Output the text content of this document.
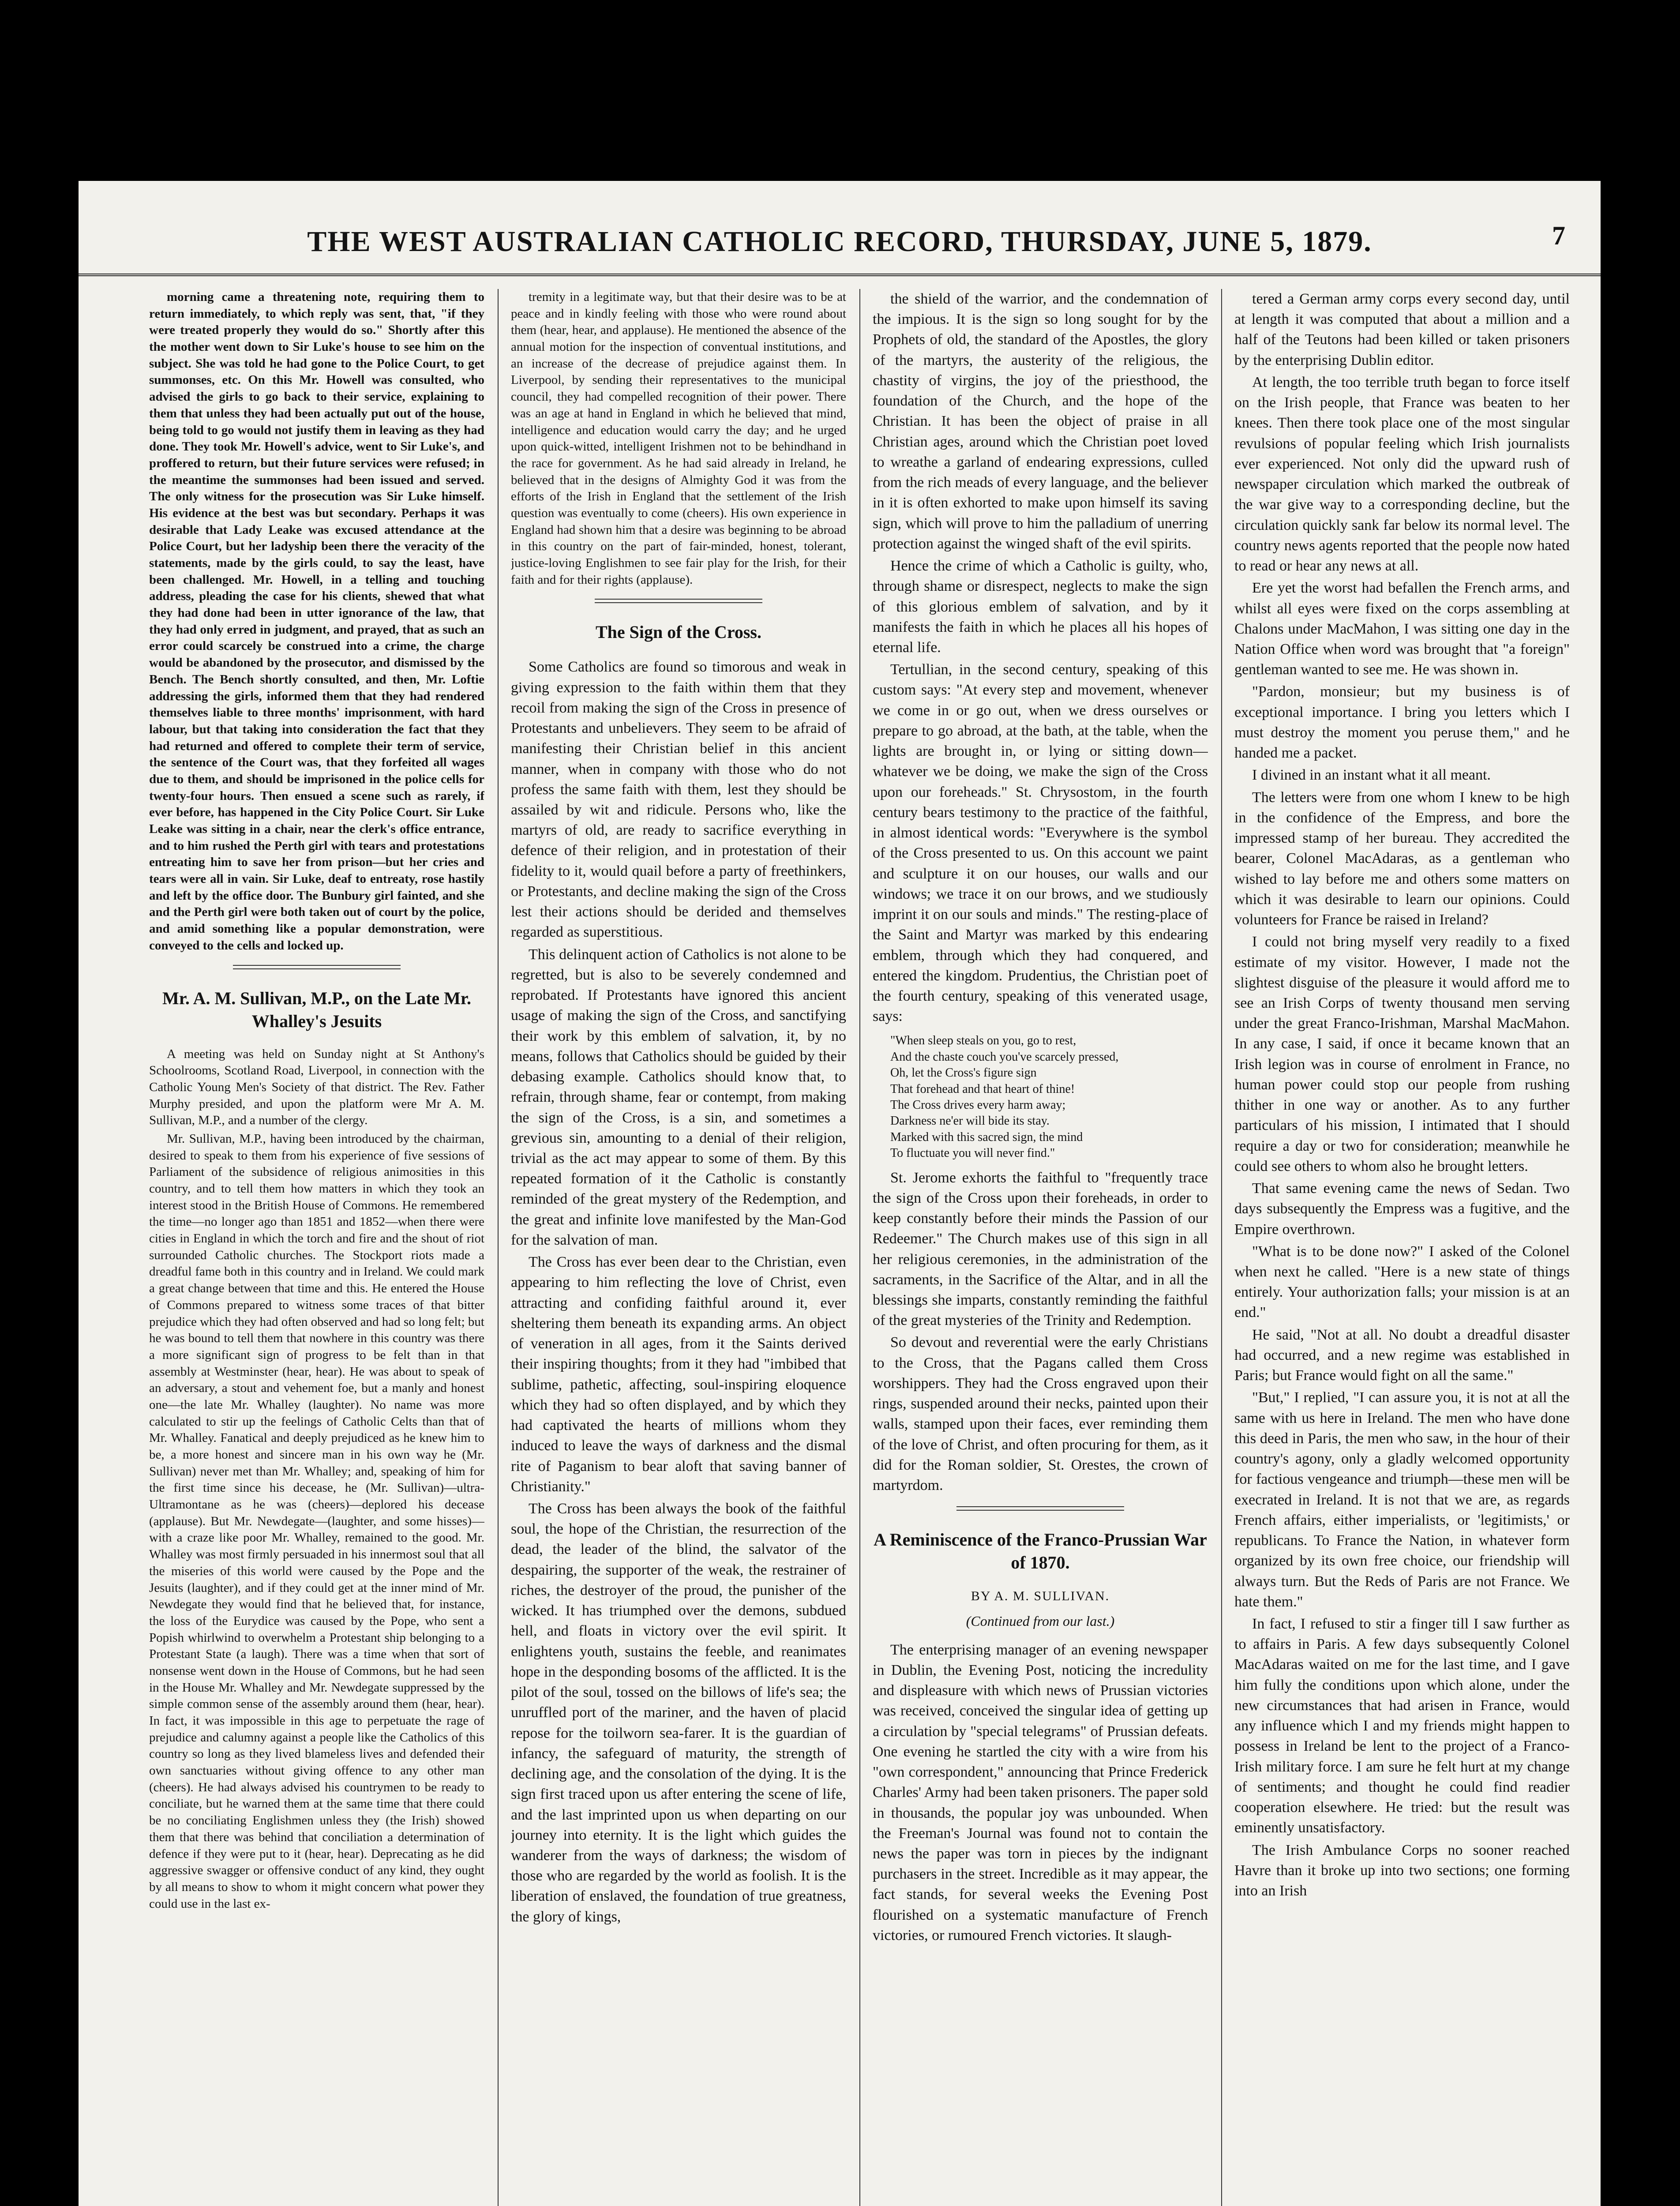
THE WEST AUSTRALIAN CATHOLIC RECORD, THURSDAY, JUNE 5, 1879.	7

morning came a threatening note, requiring them to return immediately, to which reply was sent, that, "if they were treated properly they would do so." Shortly after this the mother went down to Sir Luke's house to see him on the subject. She was told he had gone to the Police Court, to get summonses, etc. On this Mr. Howell was consulted, who advised the girls to go back to their service, explaining to them that unless they had been actually put out of the house, being told to go would not justify them in leaving as they had done. They took Mr. Howell's advice, went to Sir Luke's, and proffered to return, but their future services were refused; in the meantime the summonses had been issued and served. The only witness for the prosecution was Sir Luke himself. His evidence at the best was but secondary. Perhaps it was desirable that Lady Leake was excused attendance at the Police Court, but her ladyship been there the veracity of the statements, made by the girls could, to say the least, have been challenged. Mr. Howell, in a telling and touching address, pleading the case for his clients, shewed that what they had done had been in utter ignorance of the law, that they had only erred in judgment, and prayed, that as such an error could scarcely be construed into a crime, the charge would be abandoned by the prosecutor, and dismissed by the Bench. The Bench shortly consulted, and then, Mr. Loftie addressing the girls, informed them that they had rendered themselves liable to three months' imprisonment, with hard labour, but that taking into consideration the fact that they had returned and offered to complete their term of service, the sentence of the Court was, that they forfeited all wages due to them, and should be imprisoned in the police cells for twenty-four hours. Then ensued a scene such as rarely, if ever before, has happened in the City Police Court. Sir Luke Leake was sitting in a chair, near the clerk's office entrance, and to him rushed the Perth girl with tears and protestations entreating him to save her from prison—but her cries and tears were all in vain. Sir Luke, deaf to entreaty, rose hastily and left by the office door. The Bunbury girl fainted, and she and the Perth girl were both taken out of court by the police, and amid something like a popular demonstration, were conveyed to the cells and locked up.

Mr. A. M. Sullivan, M.P., on the Late Mr. Whalley's Jesuits

A meeting was held on Sunday night at St Anthony's Schoolrooms, Scotland Road, Liverpool, in connection with the Catholic Young Men's Society of that district. The Rev. Father Murphy presided, and upon the platform were Mr A. M. Sullivan, M.P., and a number of the clergy.

Mr. Sullivan, M.P., having been introduced by the chairman, desired to speak to them from his experience of five sessions of Parliament of the subsidence of religious animosities in this country, and to tell them how matters in which they took an interest stood in the British House of Commons. He remembered the time—no longer ago than 1851 and 1852—when there were cities in England in which the torch and fire and the shout of riot surrounded Catholic churches. The Stockport riots made a dreadful fame both in this country and in Ireland. We could mark a great change between that time and this. He entered the House of Commons prepared to witness some traces of that bitter prejudice which they had often observed and had so long felt; but he was bound to tell them that nowhere in this country was there a more significant sign of progress to be felt than in that assembly at Westminster (hear, hear). He was about to speak of an adversary, a stout and vehement foe, but a manly and honest one—the late Mr. Whalley (laughter). No name was more calculated to stir up the feelings of Catholic Celts than that of Mr. Whalley. Fanatical and deeply prejudiced as he knew him to be, a more honest and sincere man in his own way he (Mr. Sullivan) never met than Mr. Whalley; and, speaking of him for the first time since his decease, he (Mr. Sullivan)—ultra-Ultramontane as he was (cheers)—deplored his decease (applause). But Mr. Newdegate—(laughter, and some hisses)—with a craze like poor Mr. Whalley, remained to the good. Mr. Whalley was most firmly persuaded in his innermost soul that all the miseries of this world were caused by the Pope and the Jesuits (laughter), and if they could get at the inner mind of Mr. Newdegate they would find that he believed that, for instance, the loss of the Eurydice was caused by the Pope, who sent a Popish whirlwind to overwhelm a Protestant ship belonging to a Protestant State (a laugh). There was a time when that sort of nonsense went down in the House of Commons, but he had seen in the House Mr. Whalley and Mr. Newdegate suppressed by the simple common sense of the assembly around them (hear, hear). In fact, it was impossible in this age to perpetuate the rage of prejudice and calumny against a people like the Catholics of this country so long as they lived blameless lives and defended their own sanctuaries without giving offence to any other man (cheers). He had always advised his countrymen to be ready to conciliate, but he warned them at the same time that there could be no conciliating Englishmen unless they (the Irish) showed them that there was behind that conciliation a determination of defence if they were put to it (hear, hear). Deprecating as he did aggressive swagger or offensive conduct of any kind, they ought by all means to show to whom it might concern what power they could use in the last ex-

tremity in a legitimate way, but that their desire was to be at peace and in kindly feeling with those who were round about them (hear, hear, and applause). He mentioned the absence of the annual motion for the inspection of conventual institutions, and an increase of the decrease of prejudice against them. In Liverpool, by sending their representatives to the municipal council, they had compelled recognition of their power. There was an age at hand in England in which he believed that mind, intelligence and education would carry the day; and he urged upon quick-witted, intelligent Irishmen not to be behindhand in the race for government. As he had said already in Ireland, he believed that in the designs of Almighty God it was from the efforts of the Irish in England that the settlement of the Irish question was eventually to come (cheers). His own experience in England had shown him that a desire was beginning to be abroad in this country on the part of fair-minded, honest, tolerant, justice-loving Englishmen to see fair play for the Irish, for their faith and for their rights (applause).

The Sign of the Cross.

Some Catholics are found so timorous and weak in giving expression to the faith within them that they recoil from making the sign of the Cross in presence of Protestants and unbelievers. They seem to be afraid of manifesting their Christian belief in this ancient manner, when in company with those who do not profess the same faith with them, lest they should be assailed by wit and ridicule. Persons who, like the martyrs of old, are ready to sacrifice everything in defence of their religion, and in protestation of their fidelity to it, would quail before a party of freethinkers, or Protestants, and decline making the sign of the Cross lest their actions should be derided and themselves regarded as superstitious.

This delinquent action of Catholics is not alone to be regretted, but is also to be severely condemned and reprobated. If Protestants have ignored this ancient usage of making the sign of the Cross, and sanctifying their work by this emblem of salvation, it, by no means, follows that Catholics should be guided by their debasing example. Catholics should know that, to refrain, through shame, fear or contempt, from making the sign of the Cross, is a sin, and sometimes a grevious sin, amounting to a denial of their religion, trivial as the act may appear to some of them. By this repeated formation of it the Catholic is constantly reminded of the great mystery of the Redemption, and the great and infinite love manifested by the Man-God for the salvation of man.

The Cross has ever been dear to the Christian, even appearing to him reflecting the love of Christ, even attracting and confiding faithful around it, ever sheltering them beneath its expanding arms. An object of veneration in all ages, from it the Saints derived their inspiring thoughts; from it they had "imbibed that sublime, pathetic, affecting, soul-inspiring eloquence which they had so often displayed, and by which they had captivated the hearts of millions whom they induced to leave the ways of darkness and the dismal rite of Paganism to bear aloft that saving banner of Christianity."

The Cross has been always the book of the faithful soul, the hope of the Christian, the resurrection of the dead, the leader of the blind, the salvator of the despairing, the supporter of the weak, the restrainer of riches, the destroyer of the proud, the punisher of the wicked. It has triumphed over the demons, subdued hell, and floats in victory over the evil spirit. It enlightens youth, sustains the feeble, and reanimates hope in the desponding bosoms of the afflicted. It is the pilot of the soul, tossed on the billows of life's sea; the unruffled port of the mariner, and the haven of placid repose for the toilworn sea-farer. It is the guardian of infancy, the safeguard of maturity, the strength of declining age, and the consolation of the dying. It is the sign first traced upon us after entering the scene of life, and the last imprinted upon us when departing on our journey into eternity. It is the light which guides the wanderer from the ways of darkness; the wisdom of those who are regarded by the world as foolish. It is the liberation of enslaved, the foundation of true greatness, the glory of kings,

the shield of the warrior, and the condemnation of the impious. It is the sign so long sought for by the Prophets of old, the standard of the Apostles, the glory of the martyrs, the austerity of the religious, the chastity of virgins, the joy of the priesthood, the foundation of the Church, and the hope of the Christian. It has been the object of praise in all Christian ages, around which the Christian poet loved to wreathe a garland of endearing expressions, culled from the rich meads of every language, and the believer in it is often exhorted to make upon himself its saving sign, which will prove to him the palladium of unerring protection against the winged shaft of the evil spirits.

Hence the crime of which a Catholic is guilty, who, through shame or disrespect, neglects to make the sign of this glorious emblem of salvation, and by it manifests the faith in which he places all his hopes of eternal life.

Tertullian, in the second century, speaking of this custom says: "At every step and movement, whenever we come in or go out, when we dress ourselves or prepare to go abroad, at the bath, at the table, when the lights are brought in, or lying or sitting down—whatever we be doing, we make the sign of the Cross upon our foreheads." St. Chrysostom, in the fourth century bears testimony to the practice of the faithful, in almost identical words: "Everywhere is the symbol of the Cross presented to us. On this account we paint and sculpture it on our houses, our walls and our windows; we trace it on our brows, and we studiously imprint it on our souls and minds." The resting-place of the Saint and Martyr was marked by this endearing emblem, through which they had conquered, and entered the kingdom. Prudentius, the Christian poet of the fourth century, speaking of this venerated usage, says:

"When sleep steals on you, go to rest,
And the chaste couch you've scarcely pressed,
Oh, let the Cross's figure sign
That forehead and that heart of thine!
The Cross drives every harm away;
Darkness ne'er will bide its stay.
Marked with this sacred sign, the mind
To fluctuate you will never find."

St. Jerome exhorts the faithful to "frequently trace the sign of the Cross upon their foreheads, in order to keep constantly before their minds the Passion of our Redeemer." The Church makes use of this sign in all her religious ceremonies, in the administration of the sacraments, in the Sacrifice of the Altar, and in all the blessings she imparts, constantly reminding the faithful of the great mysteries of the Trinity and Redemption.

So devout and reverential were the early Christians to the Cross, that the Pagans called them Cross worshippers. They had the Cross engraved upon their rings, suspended around their necks, painted upon their walls, stamped upon their faces, ever reminding them of the love of Christ, and often procuring for them, as it did for the Roman soldier, St. Orestes, the crown of martyrdom.

A Reminiscence of the Franco-Prussian War of 1870.

BY A. M. SULLIVAN.

(Continued from our last.)

The enterprising manager of an evening newspaper in Dublin, the Evening Post, noticing the incredulity and displeasure with which news of Prussian victories was received, conceived the singular idea of getting up a circulation by "special telegrams" of Prussian defeats. One evening he startled the city with a wire from his "own correspondent," announcing that Prince Frederick Charles' Army had been taken prisoners. The paper sold in thousands, the popular joy was unbounded. When the Freeman's Journal was found not to contain the news the paper was torn in pieces by the indignant purchasers in the street. Incredible as it may appear, the fact stands, for several weeks the Evening Post flourished on a systematic manufacture of French victories, or rumoured French victories. It slaugh-

tered a German army corps every second day, until at length it was computed that about a million and a half of the Teutons had been killed or taken prisoners by the enterprising Dublin editor.

At length, the too terrible truth began to force itself on the Irish people, that France was beaten to her knees. Then there took place one of the most singular revulsions of popular feeling which Irish journalists ever experienced. Not only did the upward rush of newspaper circulation which marked the outbreak of the war give way to a corresponding decline, but the circulation quickly sank far below its normal level. The country news agents reported that the people now hated to read or hear any news at all.

Ere yet the worst had befallen the French arms, and whilst all eyes were fixed on the corps assembling at Chalons under MacMahon, I was sitting one day in the Nation Office when word was brought that "a foreign" gentleman wanted to see me. He was shown in.

"Pardon, monsieur; but my business is of exceptional importance. I bring you letters which I must destroy the moment you peruse them," and he handed me a packet.

I divined in an instant what it all meant.

The letters were from one whom I knew to be high in the confidence of the Empress, and bore the impressed stamp of her bureau. They accredited the bearer, Colonel MacAdaras, as a gentleman who wished to lay before me and others some matters on which it was desirable to learn our opinions. Could volunteers for France be raised in Ireland?

I could not bring myself very readily to a fixed estimate of my visitor. However, I made not the slightest disguise of the pleasure it would afford me to see an Irish Corps of twenty thousand men serving under the great Franco-Irishman, Marshal MacMahon. In any case, I said, if once it became known that an Irish legion was in course of enrolment in France, no human power could stop our people from rushing thither in one way or another. As to any further particulars of his mission, I intimated that I should require a day or two for consideration; meanwhile he could see others to whom also he brought letters.

That same evening came the news of Sedan. Two days subsequently the Empress was a fugitive, and the Empire overthrown.

"What is to be done now?" I asked of the Colonel when next he called. "Here is a new state of things entirely. Your authorization falls; your mission is at an end."

He said, "Not at all. No doubt a dreadful disaster had occurred, and a new regime was established in Paris; but France would fight on all the same."

"But," I replied, "I can assure you, it is not at all the same with us here in Ireland. The men who have done this deed in Paris, the men who saw, in the hour of their country's agony, only a gladly welcomed opportunity for factious vengeance and triumph—these men will be execrated in Ireland. It is not that we are, as regards French affairs, either imperialists, or 'legitimists,' or republicans. To France the Nation, in whatever form organized by its own free choice, our friendship will always turn. But the Reds of Paris are not France. We hate them."

In fact, I refused to stir a finger till I saw further as to affairs in Paris. A few days subsequently Colonel MacAdaras waited on me for the last time, and I gave him fully the conditions upon which alone, under the new circumstances that had arisen in France, would any influence which I and my friends might happen to possess in Ireland be lent to the project of a Franco-Irish military force. I am sure he felt hurt at my change of sentiments; and thought he could find readier cooperation elsewhere. He tried: but the result was eminently unsatisfactory.

The Irish Ambulance Corps no sooner reached Havre than it broke up into two sections; one forming into an Irish
